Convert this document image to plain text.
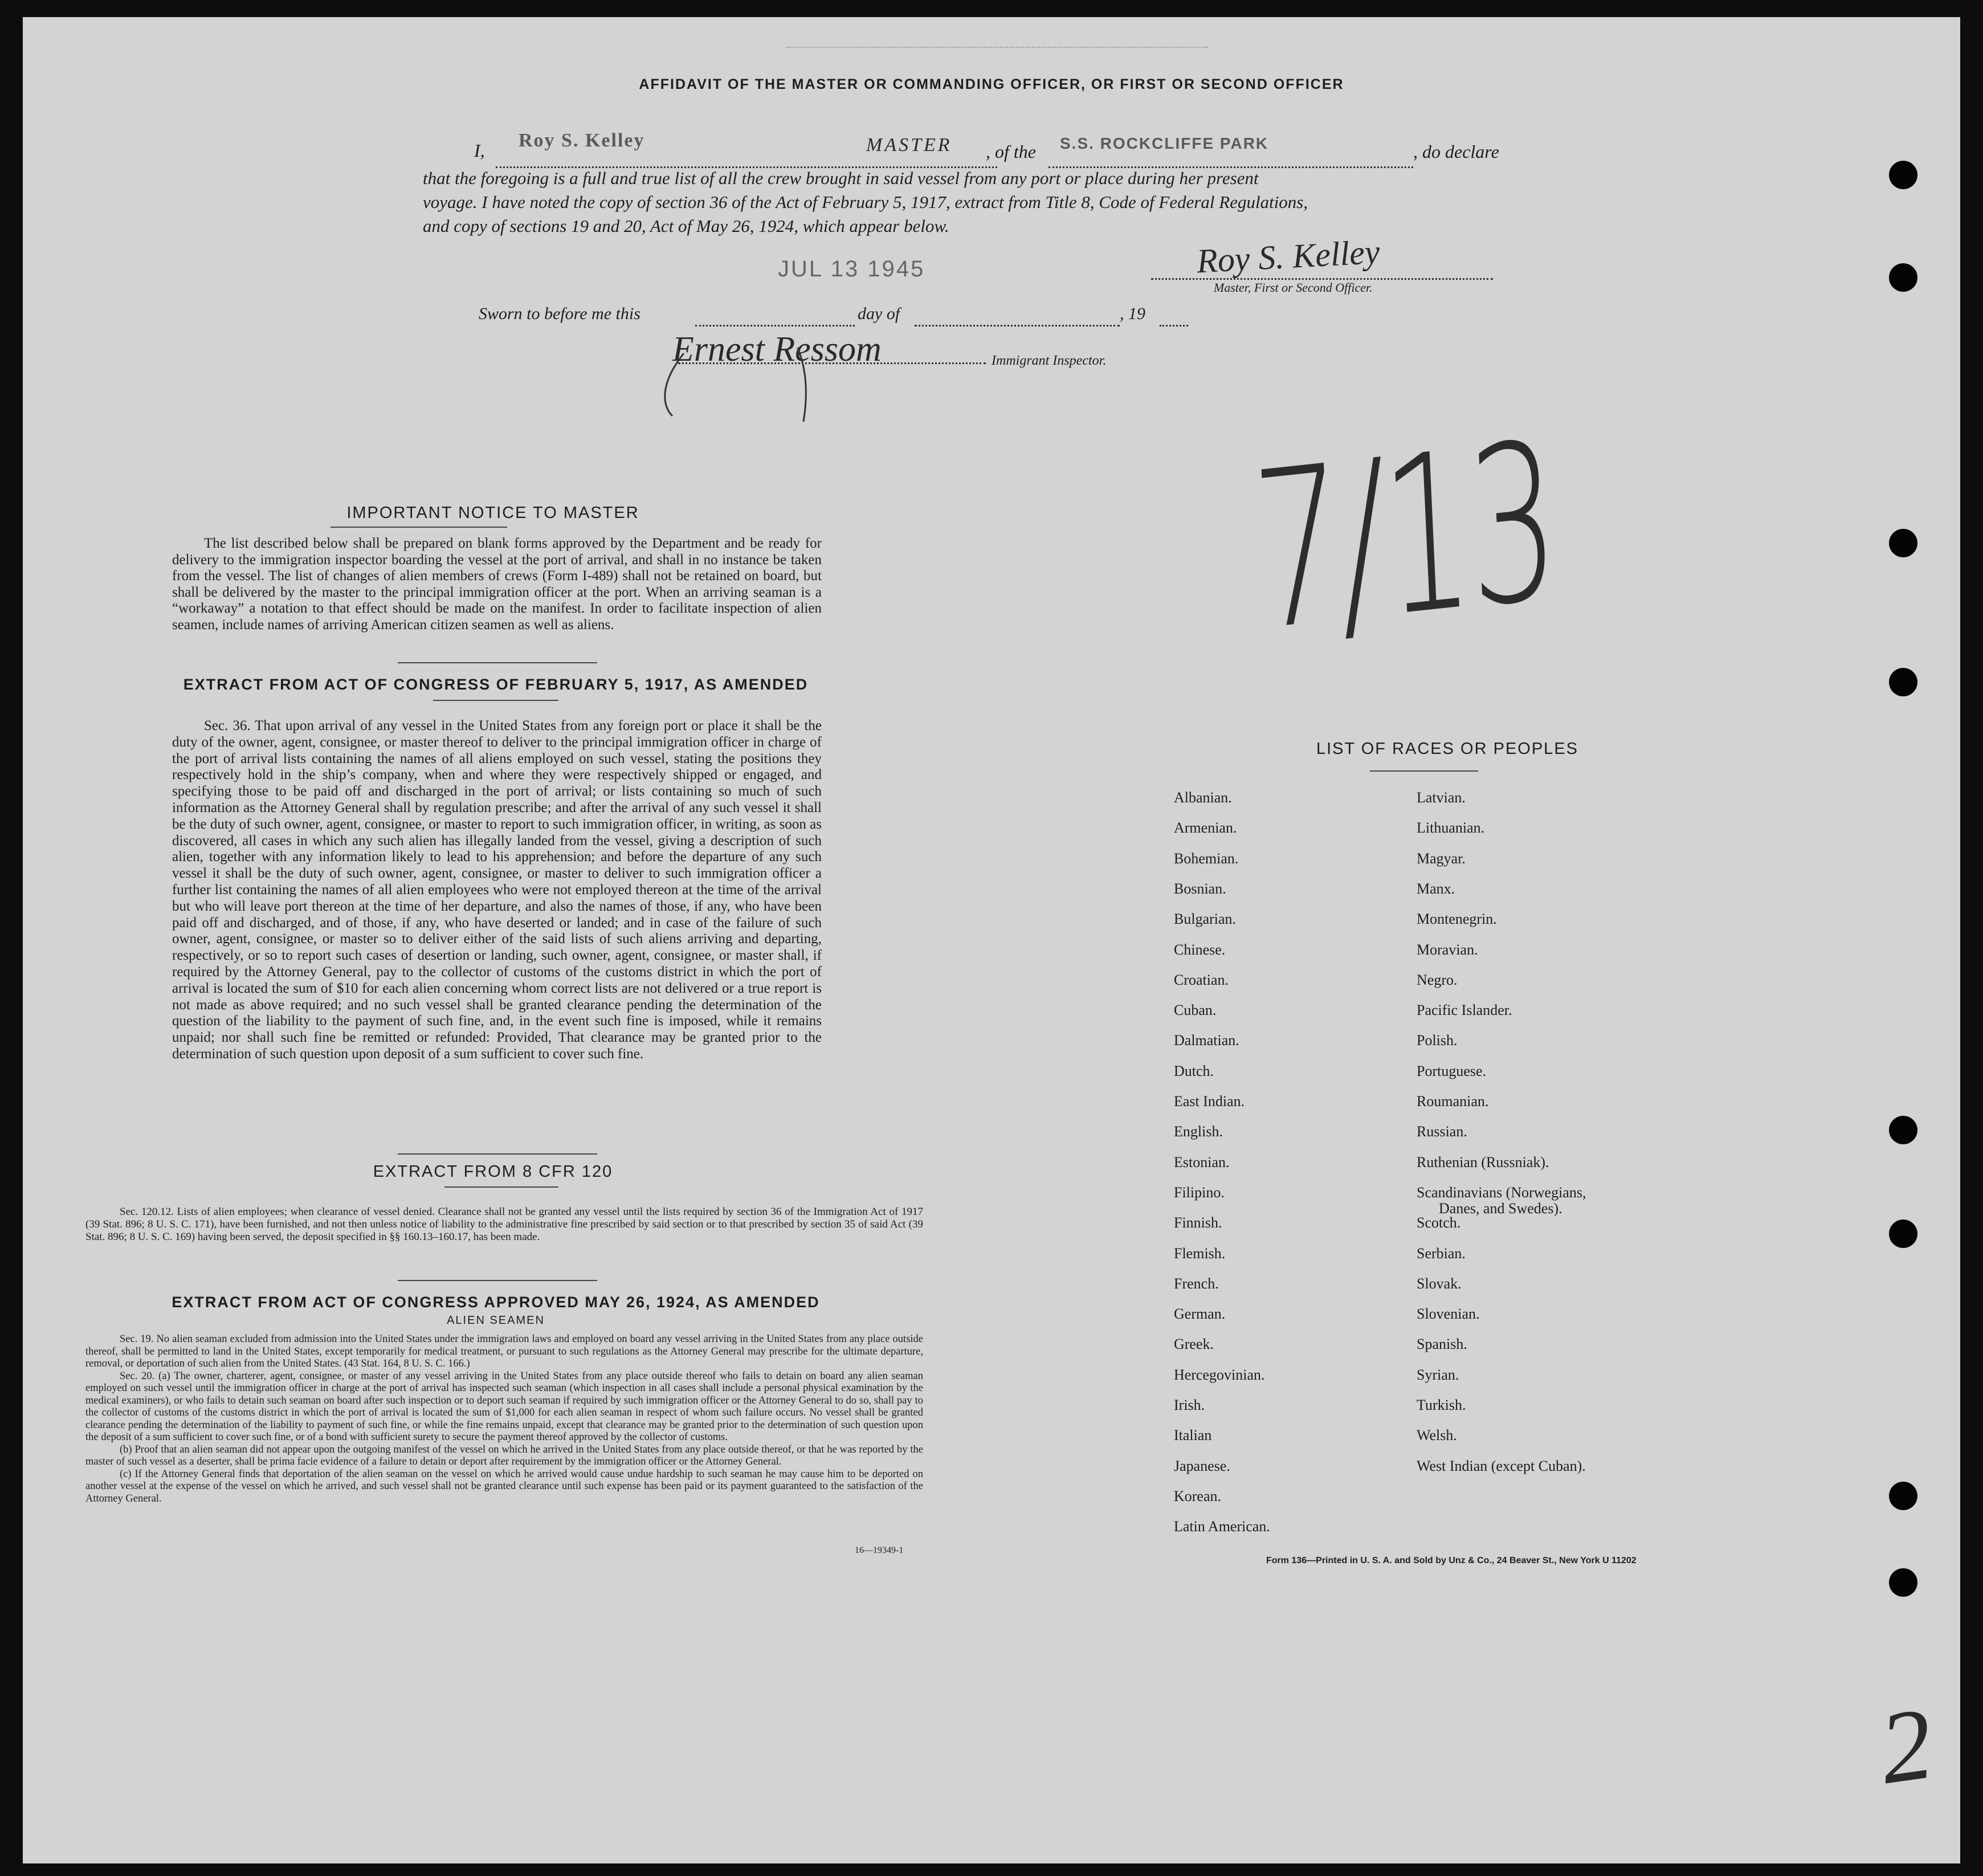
AFFIDAVIT OF THE MASTER OR COMMANDING OFFICER, OR FIRST OR SECOND OFFICER
I, Roy S. Kelley	MASTER , of the S.S. ROCKCLIFFE PARK	, do declare
that the foregoing is a full and true list of all the crew brought in said vessel from any port or place during her present
voyage. I have noted the copy of section 36 of the Act of February 5, 1917, extract from Title 8, Code of Federal Regulations,
and copy of sections 19 and 20, Act of May 26, 1924, which appear below.
JUL 13 1945	Roy S. Kelley
Master, First or Second Officer.
Sworn to before me this	day of	, 19
Ernest Ressom	Immigrant Inspector.
7/13
IMPORTANT NOTICE TO MASTER
The list described below shall be prepared on blank forms approved by the Department and be ready for delivery to the immigration inspector boarding the vessel at the port of arrival, and shall in no instance be taken from the vessel. The list of changes of alien members of crews (Form I-489) shall not be retained on board, but shall be delivered by the master to the principal immigration officer at the port. When an arriving seaman is a “workaway” a notation to that effect should be made on the manifest. In order to facilitate inspection of alien seamen, include names of arriving American citizen seamen as well as aliens.
EXTRACT FROM ACT OF CONGRESS OF FEBRUARY 5, 1917, AS AMENDED
Sec. 36. That upon arrival of any vessel in the United States from any foreign port or place it shall be the duty of the owner, agent, consignee, or master thereof to deliver to the principal immigration officer in charge of the port of arrival lists containing the names of all aliens employed on such vessel, stating the positions they respectively hold in the ship’s company, when and where they were respectively shipped or engaged, and specifying those to be paid off and discharged in the port of arrival; or lists containing so much of such information as the Attorney General shall by regulation prescribe; and after the arrival of any such vessel it shall be the duty of such owner, agent, consignee, or master to report to such immigration officer, in writing, as soon as discovered, all cases in which any such alien has illegally landed from the vessel, giving a description of such alien, together with any information likely to lead to his apprehension; and before the departure of any such vessel it shall be the duty of such owner, agent, consignee, or master to deliver to such immigration officer a further list containing the names of all alien employees who were not employed thereon at the time of the arrival but who will leave port thereon at the time of her departure, and also the names of those, if any, who have been paid off and discharged, and of those, if any, who have deserted or landed; and in case of the failure of such owner, agent, consignee, or master so to deliver either of the said lists of such aliens arriving and departing, respectively, or so to report such cases of desertion or landing, such owner, agent, consignee, or master shall, if required by the Attorney General, pay to the collector of customs of the customs district in which the port of arrival is located the sum of $10 for each alien concerning whom correct lists are not delivered or a true report is not made as above required; and no such vessel shall be granted clearance pending the determination of the question of the liability to the payment of such fine, and, in the event such fine is imposed, while it remains unpaid; nor shall such fine be remitted or refunded: Provided, That clearance may be granted prior to the determination of such question upon deposit of a sum sufficient to cover such fine.
EXTRACT FROM 8 CFR 120
Sec. 120.12. Lists of alien employees; when clearance of vessel denied. Clearance shall not be granted any vessel until the lists required by section 36 of the Immigration Act of 1917 (39 Stat. 896; 8 U. S. C. 171), have been furnished, and not then unless notice of liability to the administrative fine prescribed by said section or to that prescribed by section 35 of said Act (39 Stat. 896; 8 U. S. C. 169) having been served, the deposit specified in §§ 160.13–160.17, has been made.
EXTRACT FROM ACT OF CONGRESS APPROVED MAY 26, 1924, AS AMENDED
ALIEN SEAMEN
Sec. 19. No alien seaman excluded from admission into the United States under the immigration laws and employed on board any vessel arriving in the United States from any place outside thereof, shall be permitted to land in the United States, except temporarily for medical treatment, or pursuant to such regulations as the Attorney General may prescribe for the ultimate departure, removal, or deportation of such alien from the United States. (43 Stat. 164, 8 U. S. C. 166.)
Sec. 20. (a) The owner, charterer, agent, consignee, or master of any vessel arriving in the United States from any place outside thereof who fails to detain on board any alien seaman employed on such vessel until the immigration officer in charge at the port of arrival has inspected such seaman (which inspection in all cases shall include a personal physical examination by the medical examiners), or who fails to detain such seaman on board after such inspection or to deport such seaman if required by such immigration officer or the Attorney General to do so, shall pay to the collector of customs of the customs district in which the port of arrival is located the sum of $1,000 for each alien seaman in respect of whom such failure occurs. No vessel shall be granted clearance pending the determination of the liability to payment of such fine, or while the fine remains unpaid, except that clearance may be granted prior to the determination of such question upon the deposit of a sum sufficient to cover such fine, or of a bond with sufficient surety to secure the payment thereof approved by the collector of customs.
(b) Proof that an alien seaman did not appear upon the outgoing manifest of the vessel on which he arrived in the United States from any place outside thereof, or that he was reported by the master of such vessel as a deserter, shall be prima facie evidence of a failure to detain or deport after requirement by the immigration officer or the Attorney General.
(c) If the Attorney General finds that deportation of the alien seaman on the vessel on which he arrived would cause undue hardship to such seaman he may cause him to be deported on another vessel at the expense of the vessel on which he arrived, and such vessel shall not be granted clearance until such expense has been paid or its payment guaranteed to the satisfaction of the Attorney General.
16—19349-1
LIST OF RACES OR PEOPLES
Albanian.
Armenian.
Bohemian.
Bosnian.
Bulgarian.
Chinese.
Croatian.
Cuban.
Dalmatian.
Dutch.
East Indian.
English.
Estonian.
Filipino.
Finnish.
Flemish.
French.
German.
Greek.
Hercegovinian.
Irish.
Italian
Japanese.
Korean.
Latin American.
Latvian.
Lithuanian.
Magyar.
Manx.
Montenegrin.
Moravian.
Negro.
Pacific Islander.
Polish.
Portuguese.
Roumanian.
Russian.
Ruthenian (Russniak).
Scandinavians (Norwegians,
Danes, and Swedes).
Scotch.
Serbian.
Slovak.
Slovenian.
Spanish.
Syrian.
Turkish.
Welsh.
West Indian (except Cuban).
Form 136—Printed in U. S. A. and Sold by Unz & Co., 24 Beaver St., New York U 11202
2
